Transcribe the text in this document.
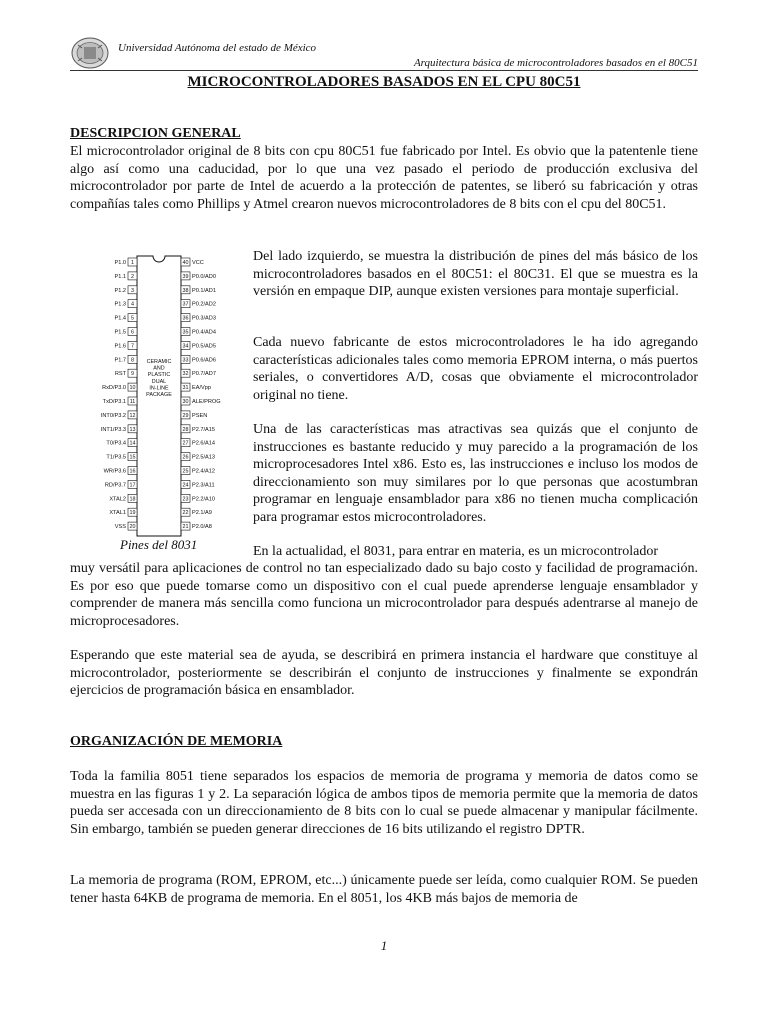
Universidad Autónoma del estado de México
Arquitectura básica de microcontroladores basados en el 80C51
MICROCONTROLADORES BASADOS EN EL CPU 80C51
DESCRIPCION GENERAL

El microcontrolador original de 8 bits con cpu 80C51 fue fabricado por Intel. Es obvio que la patentenle tiene algo así como una caducidad, por lo que una vez pasado el periodo de producción exclusiva del microcontrolador por parte de Intel de acuerdo a la protección de patentes, se liberó su fabricación y otras compañías tales como Phillips y Atmel crearon nuevos microcontroladores de 8 bits con el cpu del 80C51.

1
P1.0
2
P1.1
3
P1.2
4
P1.3
5
P1.4
6
P1.5
7
P1.6
8
P1.7
9
RST
10
RxD/P3.0
11
TxD/P3.1
12
INT0/P3.2
13
INT1/P3.3
14
T0/P3.4
15
T1/P3.5
16
WR/P3.6
17
RD/P3.7
18
XTAL2
19
XTAL1
20
VSS
40 VCC
39 P0.0/AD0
38 P0.1/AD1
37 P0.2/AD2
36 P0.3/AD3
35 P0.4/AD4
34 P0.5/AD5
33 P0.6/AD6
32 P0.7/AD7
31 EA/Vpp
30 ALE/PROG
29 PSEN
28 P2.7/A15
27 P2.6/A14
26 P2.5/A13
25 P2.4/A12
24 P2.3/A11
23 P2.2/A10
22 P2.1/A9
21 P2.0/A8
CERAMIC
AND
PLASTIC
DUAL
IN-LINE
PACKAGE
Pines del 8031

Del lado izquierdo, se muestra la distribución de pines del más básico de los microcontroladores basados en el 80C51: el 80C31. El que se muestra es la versión en empaque DIP, aunque existen versiones para montaje superficial.

Cada nuevo fabricante de estos microcontroladores le ha ido agregando características adicionales tales como memoria EPROM interna, o más puertos seriales, o convertidores A/D, cosas que obviamente el microcontrolador original no tiene.

Una de las características mas atractivas sea quizás que el conjunto de instrucciones es bastante reducido y muy parecido a la programación de los microprocesadores Intel x86. Esto es, las instrucciones e incluso los modos de direccionamiento son muy similares por lo que personas que acostumbran programar en lenguaje ensamblador para x86 no tienen mucha complicación para programar estos microcontroladores.

En la actualidad, el 8031, para entrar en materia, es un microcontrolador

muy versátil para aplicaciones de control no tan especializado dado su bajo costo y facilidad de programación. Es por eso que puede tomarse como un dispositivo con el cual puede aprenderse lenguaje ensamblador y comprender de manera más sencilla como funciona un microcontrolador para después adentrarse al manejo de microprocesadores.

Esperando que este material sea de ayuda, se describirá en primera instancia el hardware que constituye al microcontrolador, posteriormente se describirán el conjunto de instrucciones y finalmente se expondrán ejercicios de programación básica en ensamblador.

ORGANIZACIÓN DE MEMORIA

Toda la familia 8051 tiene separados los espacios de memoria de programa y memoria de datos como se muestra en las figuras 1 y 2. La separación lógica de ambos tipos de memoria permite que la memoria de datos pueda ser accesada con un direccionamiento de 8 bits con lo cual se puede almacenar y manipular fácilmente. Sin embargo, también se pueden generar direcciones de 16 bits utilizando el registro DPTR.

La memoria de programa (ROM, EPROM, etc...) únicamente puede ser leída, como cualquier ROM. Se pueden tener hasta 64KB de programa de memoria. En el 8051, los 4KB más bajos de memoria de

1
